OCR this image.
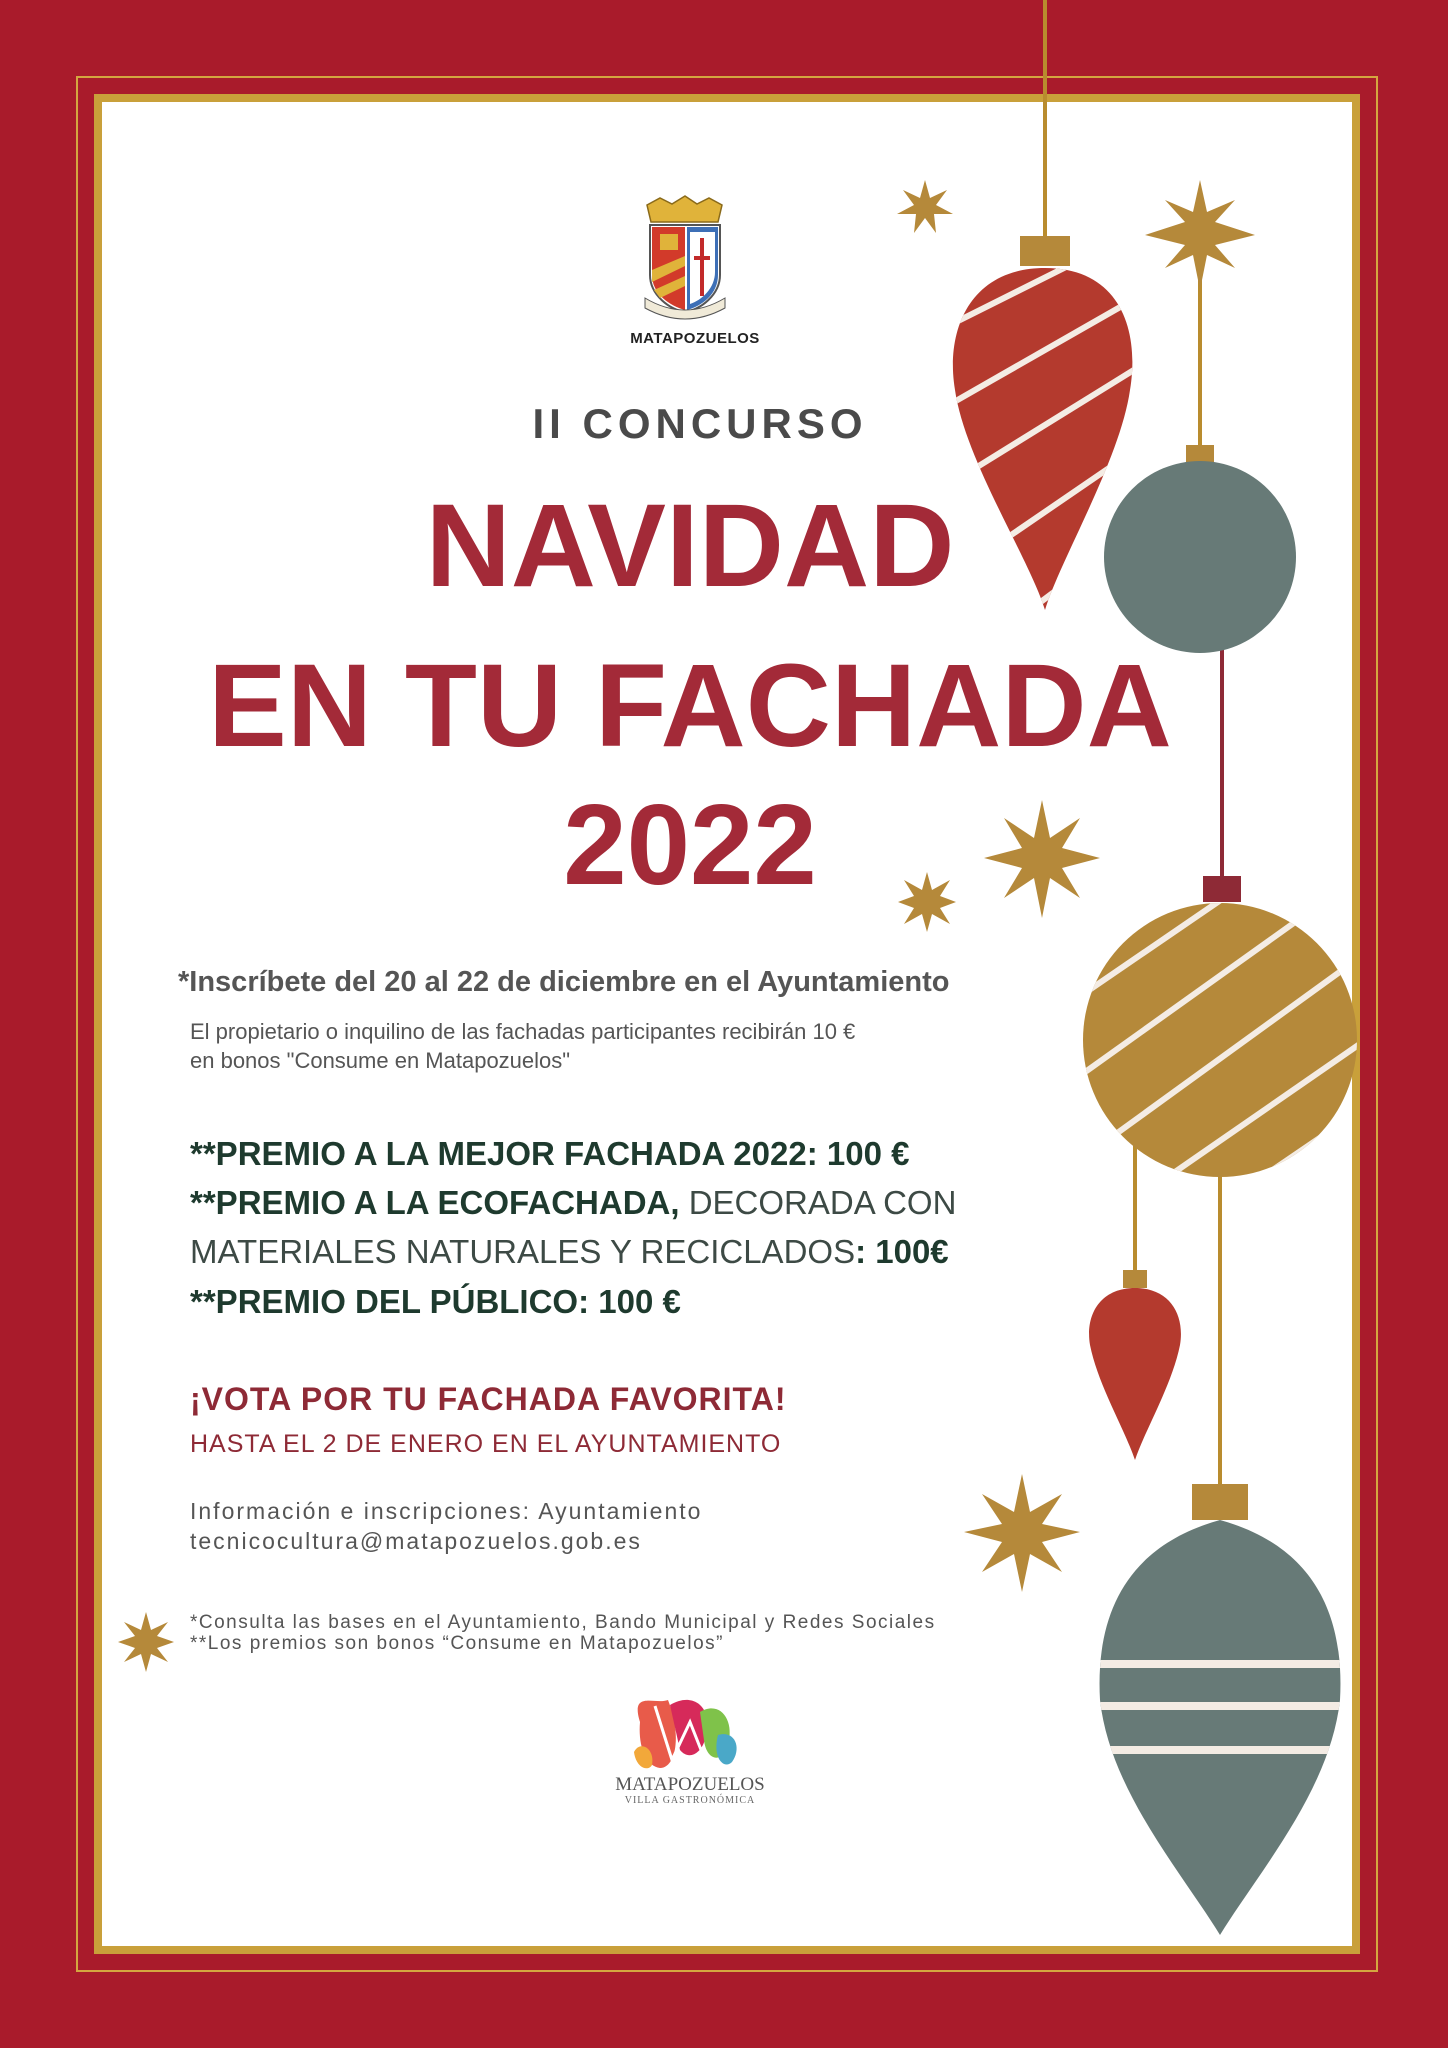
MATAPOZUELOS
II CONCURSO
NAVIDAD
EN TU FACHADA
2022
*Inscríbete del 20 al 22 de diciembre en el Ayuntamiento
El propietario o inquilino de las fachadas participantes recibirán 10 €
en bonos "Consume en Matapozuelos"
**PREMIO A LA MEJOR FACHADA 2022: 100 €
**PREMIO A LA ECOFACHADA, DECORADA CON
MATERIALES NATURALES Y RECICLADOS: 100€
**PREMIO DEL PÚBLICO: 100 €
¡VOTA POR TU FACHADA FAVORITA!
HASTA EL 2 DE ENERO EN EL AYUNTAMIENTO
Información e inscripciones: Ayuntamiento
tecnicocultura@matapozuelos.gob.es
*Consulta las bases en el Ayuntamiento, Bando Municipal y Redes Sociales
**Los premios son bonos “Consume en Matapozuelos”
MATAPOZUELOS
VILLA GASTRONÓMICA
